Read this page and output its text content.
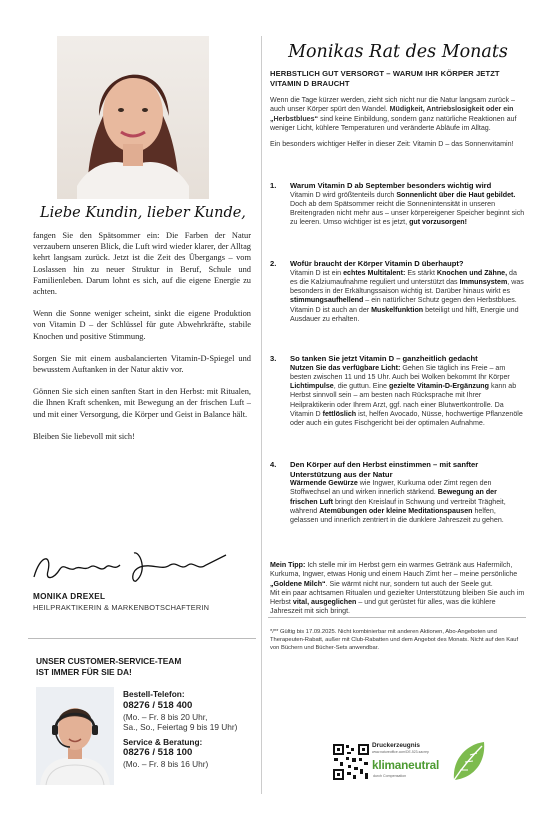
Liebe Kundin, lieber Kunde,

fangen Sie den Spätsommer ein: Die Farben der Natur verzaubern unseren Blick, die Luft wird wieder klarer, der Alltag kehrt langsam zurück. Jetzt ist die Zeit des Übergangs – vom Loslassen hin zu neuer Struktur in Beruf, Schule und Familienleben. Darum lohnt es sich, auf die eigene Energie zu achten.

Wenn die Sonne weniger scheint, sinkt die eigene Produktion von Vitamin D – der Schlüssel für gute Abwehrkräfte, stabile Knochen und positive Stimmung.

Sorgen Sie mit einem ausbalancierten Vitamin-D-Spiegel und bewusstem Auftanken in der Natur aktiv vor.

Gönnen Sie sich einen sanften Start in den Herbst: mit Ritualen, die Ihnen Kraft schenken, mit Bewegung an der frischen Luft – und mit einer Versorgung, die Körper und Geist in Balance hält.

Bleiben Sie liebevoll mit sich!

MONIKA DREXEL
HEILPRAKTIKERIN & MARKENBOTSCHAFTERIN
UNSER CUSTOMER-SERVICE-TEAM
IST IMMER FÜR SIE DA!
Bestell-Telefon:
08276 / 518 400
(Mo. – Fr. 8 bis 20 Uhr,
Sa., So., Feiertag 9 bis 19 Uhr)
Service & Beratung:
08276 / 518 100
(Mo. – Fr. 8 bis 16 Uhr)
Monikas Rat des Monats
HERBSTLICH GUT VERSORGT – WARUM IHR KÖRPER JETZT VITAMIN D BRAUCHT

Wenn die Tage kürzer werden, zieht sich nicht nur die Natur langsam zurück – auch unser Körper spürt den Wandel. Müdigkeit, Antriebslosigkeit oder ein „Herbstblues“ sind keine Einbildung, sondern ganz natürliche Reaktionen auf weniger Licht, kühlere Temperaturen und veränderte Abläufe im Alltag.

Ein besonders wichtiger Helfer in dieser Zeit: Vitamin D – das Sonnenvitamin!

1. Warum Vitamin D ab September besonders wichtig wird
Vitamin D wird größtenteils durch Sonnenlicht über die Haut gebildet. Doch ab dem Spätsommer reicht die Sonnenintensität in unseren Breitengraden nicht mehr aus – unser körpereigener Speicher beginnt sich zu leeren. Umso wichtiger ist es jetzt, gut vorzusorgen!
2. Wofür braucht der Körper Vitamin D überhaupt?
Vitamin D ist ein echtes Multitalent: Es stärkt Knochen und Zähne, da es die Kalziumaufnahme reguliert und unterstützt das Immunsystem, was besonders in der Erkältungssaison wichtig ist. Darüber hinaus wirkt es stimmungsaufhellend – ein natürlicher Schutz gegen den Herbstblues. Vitamin D ist auch an der Muskelfunktion beteiligt und hilft, Energie und Ausdauer zu erhalten.
3. So tanken Sie jetzt Vitamin D – ganzheitlich gedacht
Nutzen Sie das verfügbare Licht: Gehen Sie täglich ins Freie – am besten zwischen 11 und 15 Uhr. Auch bei Wolken bekommt Ihr Körper Lichtimpulse, die guttun. Eine gezielte Vitamin-D-Ergänzung kann ab Herbst sinnvoll sein – am besten nach Rücksprache mit Ihrer Heilpraktikerin oder Ihrem Arzt, ggf. nach einer Blutwertkontrolle. Da Vitamin D fettlöslich ist, helfen Avocado, Nüsse, hochwertige Pflanzenöle oder auch ein gutes Fischgericht bei der optimalen Aufnahme.
4. Den Körper auf den Herbst einstimmen – mit sanfter Unterstützung aus der Natur
Wärmende Gewürze wie Ingwer, Kurkuma oder Zimt regen den Stoffwechsel an und wirken innerlich stärkend. Bewegung an der frischen Luft bringt den Kreislauf in Schwung und vertreibt Trägheit, während Atemübungen oder kleine Meditationspausen helfen, gelassen und innerlich zentriert in die dunklere Jahreszeit zu gehen.
Mein Tipp: Ich stelle mir im Herbst gern ein warmes Getränk aus Hafermilch, Kurkuma, Ingwer, etwas Honig und einem Hauch Zimt her – meine persönliche „Goldene Milch“. Sie wärmt nicht nur, sondern tut auch der Seele gut.
Mit ein paar achtsamen Ritualen und gezielter Unterstützung bleiben Sie auch im Herbst vital, ausgeglichen – und gut gerüstet für alles, was die kühlere Jahreszeit mit sich bringt.
*/** Gültig bis 17.09.2025. Nicht kombinierbar mit anderen Aktionen, Abo-Angeboten und Therapeuten-Rabatt, außer mit Club-Rabatten und dem Angebot des Monats. Nicht auf den Kauf von Büchern und Bücher-Sets anwendbar.
Druckerzeugnis
www.natureoffice.com/DE-523-sacrep
klimaneutral
durch Compensation
